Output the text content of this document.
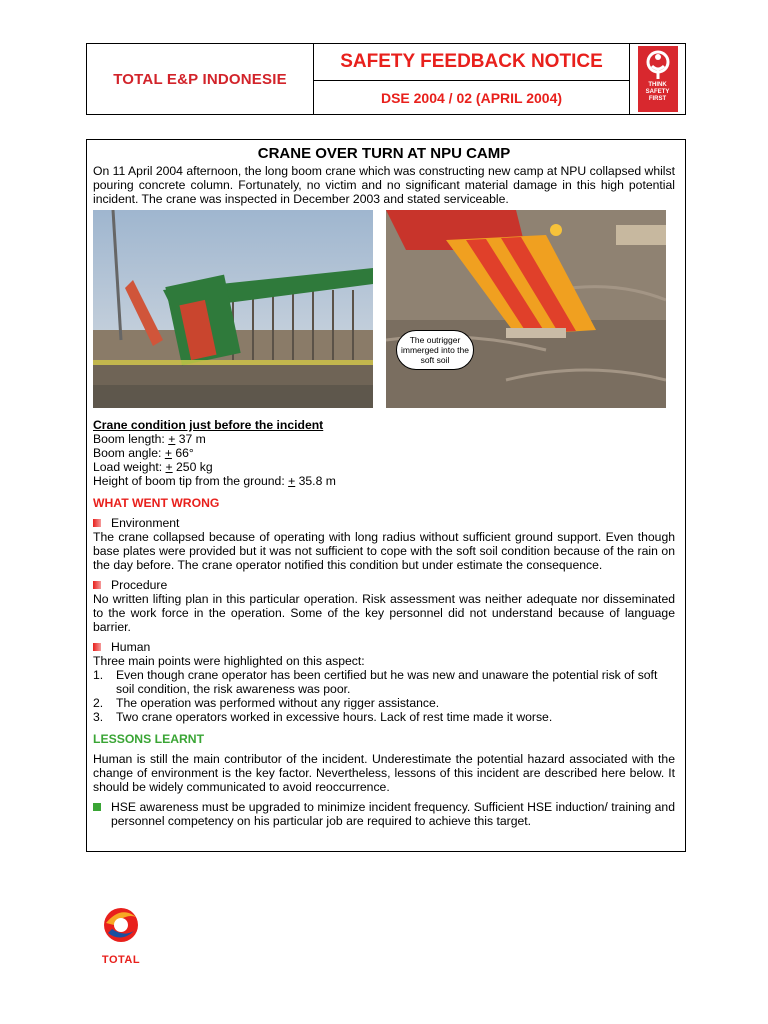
TOTAL E&P INDONESIE
SAFETY FEEDBACK NOTICE
DSE 2004 / 02 (APRIL 2004)
THINK
SAFETY
FIRST
CRANE OVER TURN AT NPU CAMP
On 11 April 2004 afternoon, the long boom crane which was constructing new camp at NPU collapsed whilst pouring concrete column. Fortunately, no victim and no significant material damage in this high potential incident. The crane was inspected in December 2003 and stated serviceable.
The outrigger immerged into the soft soil
Crane condition just before the incident
Boom length: + 37 m
Boom angle: + 66°
Load weight: + 250 kg
Height of boom tip from the ground: + 35.8 m
WHAT WENT WRONG
Environment
The crane collapsed because of operating with long radius without sufficient ground support. Even though base plates were provided but it was not sufficient to cope with the soft soil condition because of the rain on the day before. The crane operator notified this condition but under estimate the consequence.
Procedure
No written lifting plan in this particular operation. Risk assessment was neither adequate nor disseminated to the work force in the operation. Some of the key personnel did not understand because of language barrier.
Human
Three main points were highlighted on this aspect:
1.	Even though crane operator has been certified but he was new and unaware the potential risk of soft soil condition, the risk awareness was poor.
2.	The operation was performed without any rigger assistance.
3.	Two crane operators worked in excessive hours. Lack of rest time made it worse.
LESSONS LEARNT
Human is still the main contributor of the incident. Underestimate the potential hazard associated with the change of environment is the key factor. Nevertheless, lessons of this incident are described here below. It should be widely communicated to avoid reoccurrence.
HSE awareness must be upgraded to minimize incident frequency. Sufficient HSE induction/ training and personnel competency on his particular job are required to achieve this target.
TOTAL
